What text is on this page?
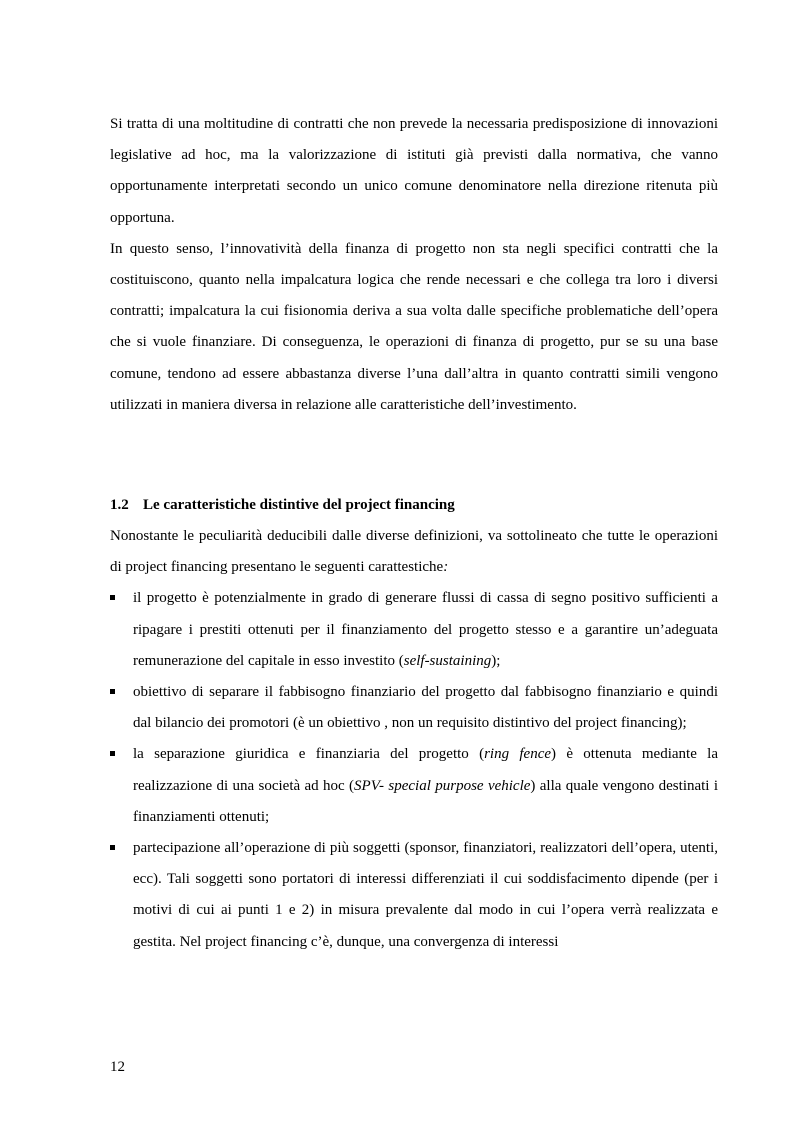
Si tratta di una moltitudine di contratti che non prevede la necessaria predisposizione di innovazioni legislative ad hoc, ma la valorizzazione di istituti già previsti dalla normativa, che vanno opportunamente interpretati secondo un unico comune denominatore nella direzione ritenuta più opportuna.

In questo senso, l’innovatività della finanza di progetto non sta negli specifici contratti che la costituiscono, quanto nella impalcatura logica che rende necessari e che collega tra loro i diversi contratti; impalcatura la cui fisionomia deriva a sua volta dalle specifiche problematiche dell’opera che si vuole finanziare. Di conseguenza, le operazioni di finanza di progetto, pur se su una base comune, tendono ad essere abbastanza diverse l’una dall’altra in quanto contratti simili vengono utilizzati in maniera diversa in relazione alle caratteristiche dell’investimento.

1.2 Le caratteristiche distintive del project financing

Nonostante le peculiarità deducibili dalle diverse definizioni, va sottolineato che tutte le operazioni di project financing presentano le seguenti carattestiche:

il progetto è potenzialmente in grado di generare flussi di cassa di segno positivo sufficienti a ripagare i prestiti ottenuti per il finanziamento del progetto stesso e a garantire un’adeguata remunerazione del capitale in esso investito (self-sustaining);
obiettivo di separare il fabbisogno finanziario del progetto dal fabbisogno finanziario e quindi dal bilancio dei promotori (è un obiettivo , non un requisito distintivo del project financing);
la separazione giuridica e finanziaria del progetto (ring fence) è ottenuta mediante la realizzazione di una società ad hoc (SPV- special purpose vehicle) alla quale vengono destinati i finanziamenti ottenuti;
partecipazione all’operazione di più soggetti (sponsor, finanziatori, realizzatori dell’opera, utenti, ecc). Tali soggetti sono portatori di interessi differenziati il cui soddisfacimento dipende (per i motivi di cui ai punti 1 e 2) in misura prevalente dal modo in cui l’opera verrà realizzata e gestita. Nel project financing c’è, dunque, una convergenza di interessi
12
